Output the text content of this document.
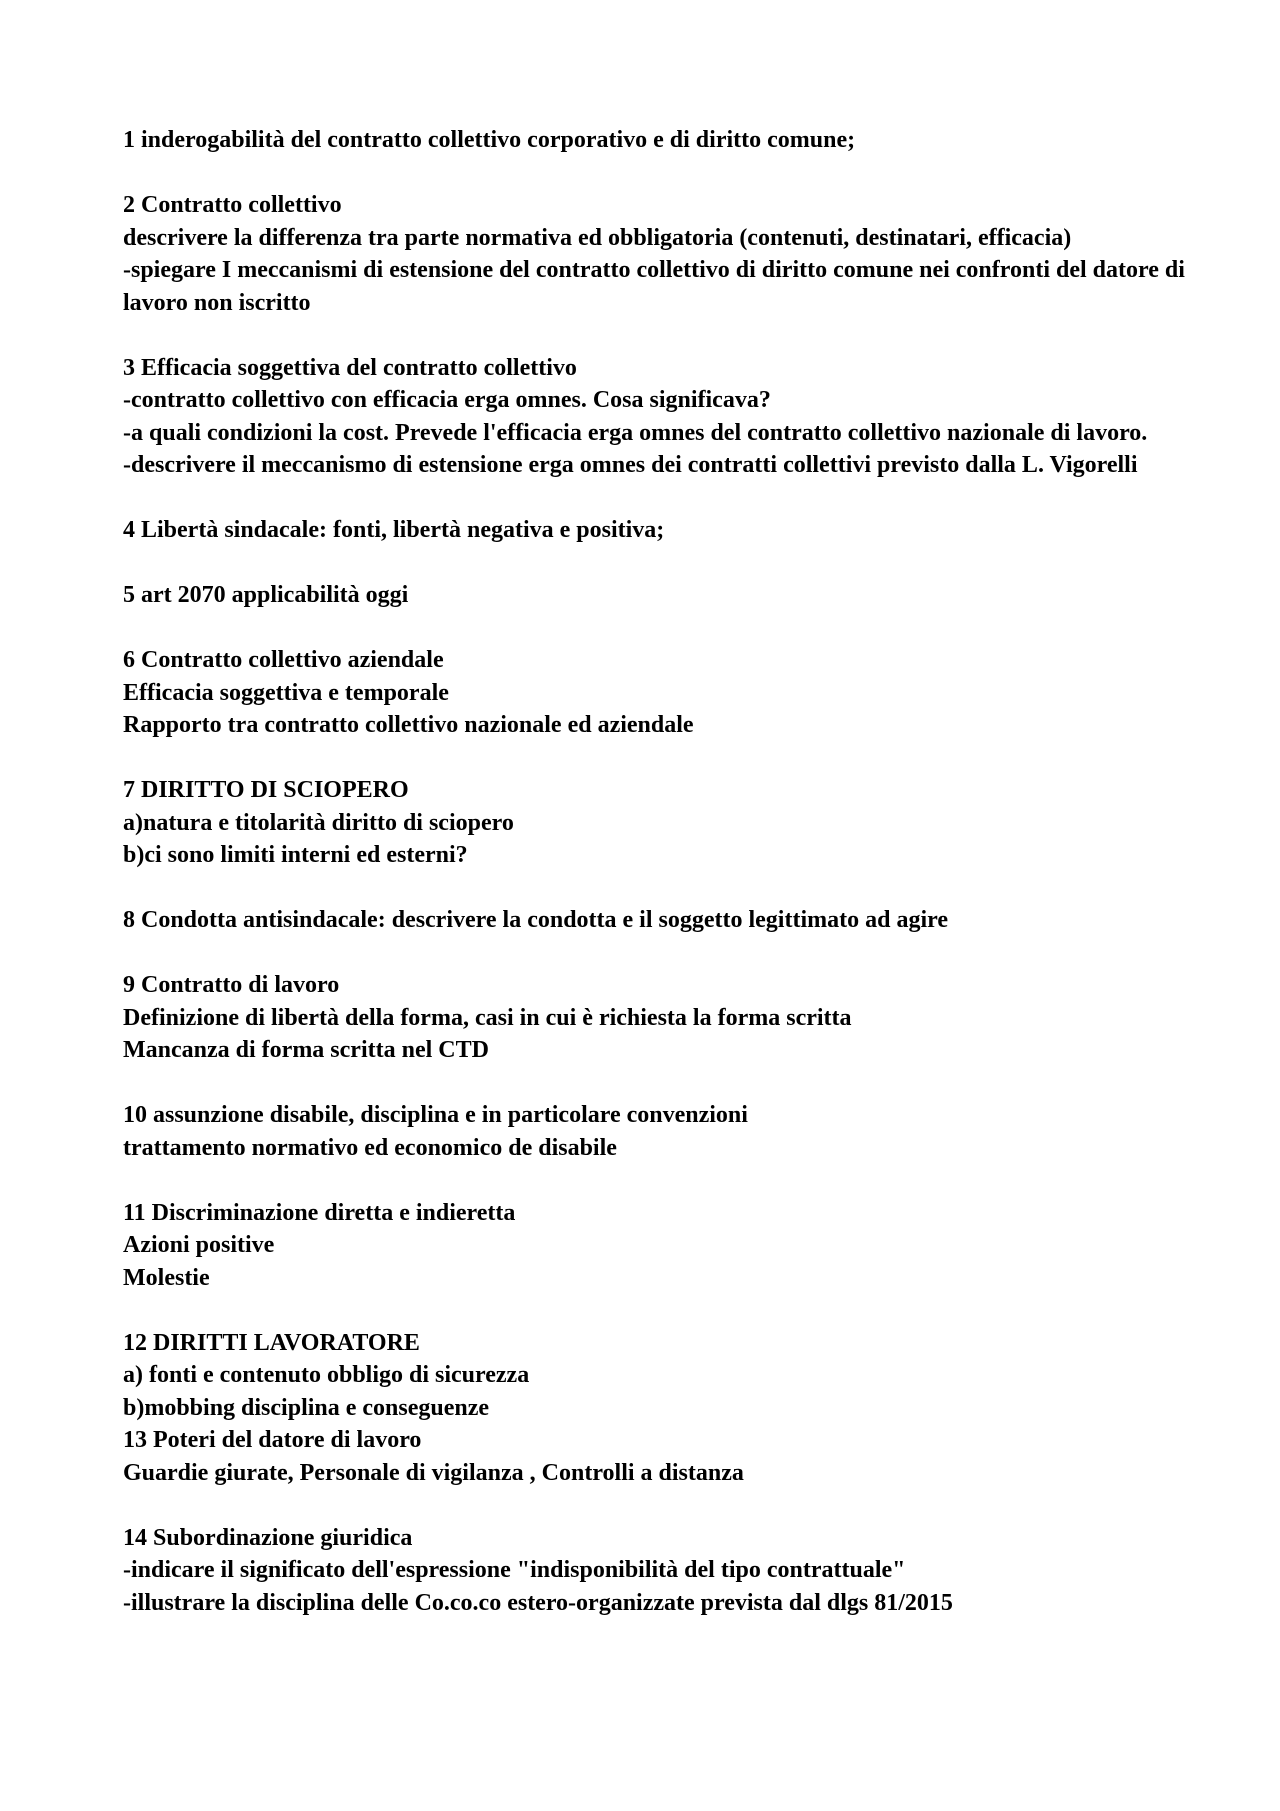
1 inderogabilità del contratto collettivo corporativo e di diritto comune;
2 Contratto collettivo
descrivere la differenza tra parte normativa ed obbligatoria (contenuti, destinatari, efficacia)
-spiegare I meccanismi di estensione del contratto collettivo di diritto comune nei confronti del datore di lavoro non iscritto
3 Efficacia soggettiva del contratto collettivo
-contratto collettivo con efficacia erga omnes. Cosa significava?
-a quali condizioni la cost. Prevede l'efficacia erga omnes del contratto collettivo nazionale di lavoro.
-descrivere il meccanismo di estensione erga omnes dei contratti collettivi previsto dalla L. Vigorelli
4 Libertà sindacale: fonti, libertà negativa e positiva;
5 art 2070 applicabilità oggi
6 Contratto collettivo aziendale
Efficacia soggettiva e temporale
Rapporto tra contratto collettivo nazionale ed aziendale
7 DIRITTO DI SCIOPERO
a)natura e titolarità diritto di sciopero
b)ci sono limiti interni ed esterni?
8 Condotta antisindacale: descrivere la condotta e il soggetto legittimato ad agire
9 Contratto di lavoro
Definizione di libertà della forma, casi in cui è richiesta la forma scritta
Mancanza di forma scritta nel CTD
10 assunzione disabile, disciplina e in particolare convenzioni
trattamento normativo ed economico de disabile
11 Discriminazione diretta e indieretta
Azioni positive
Molestie
12 DIRITTI LAVORATORE
a) fonti e contenuto obbligo di sicurezza
b)mobbing disciplina e conseguenze
13 Poteri del datore di lavoro
Guardie giurate, Personale di vigilanza , Controlli a distanza
14 Subordinazione giuridica
-indicare il significato dell'espressione "indisponibilità del tipo contrattuale"
-illustrare la disciplina delle Co.co.co estero-organizzate prevista dal dlgs 81/2015
